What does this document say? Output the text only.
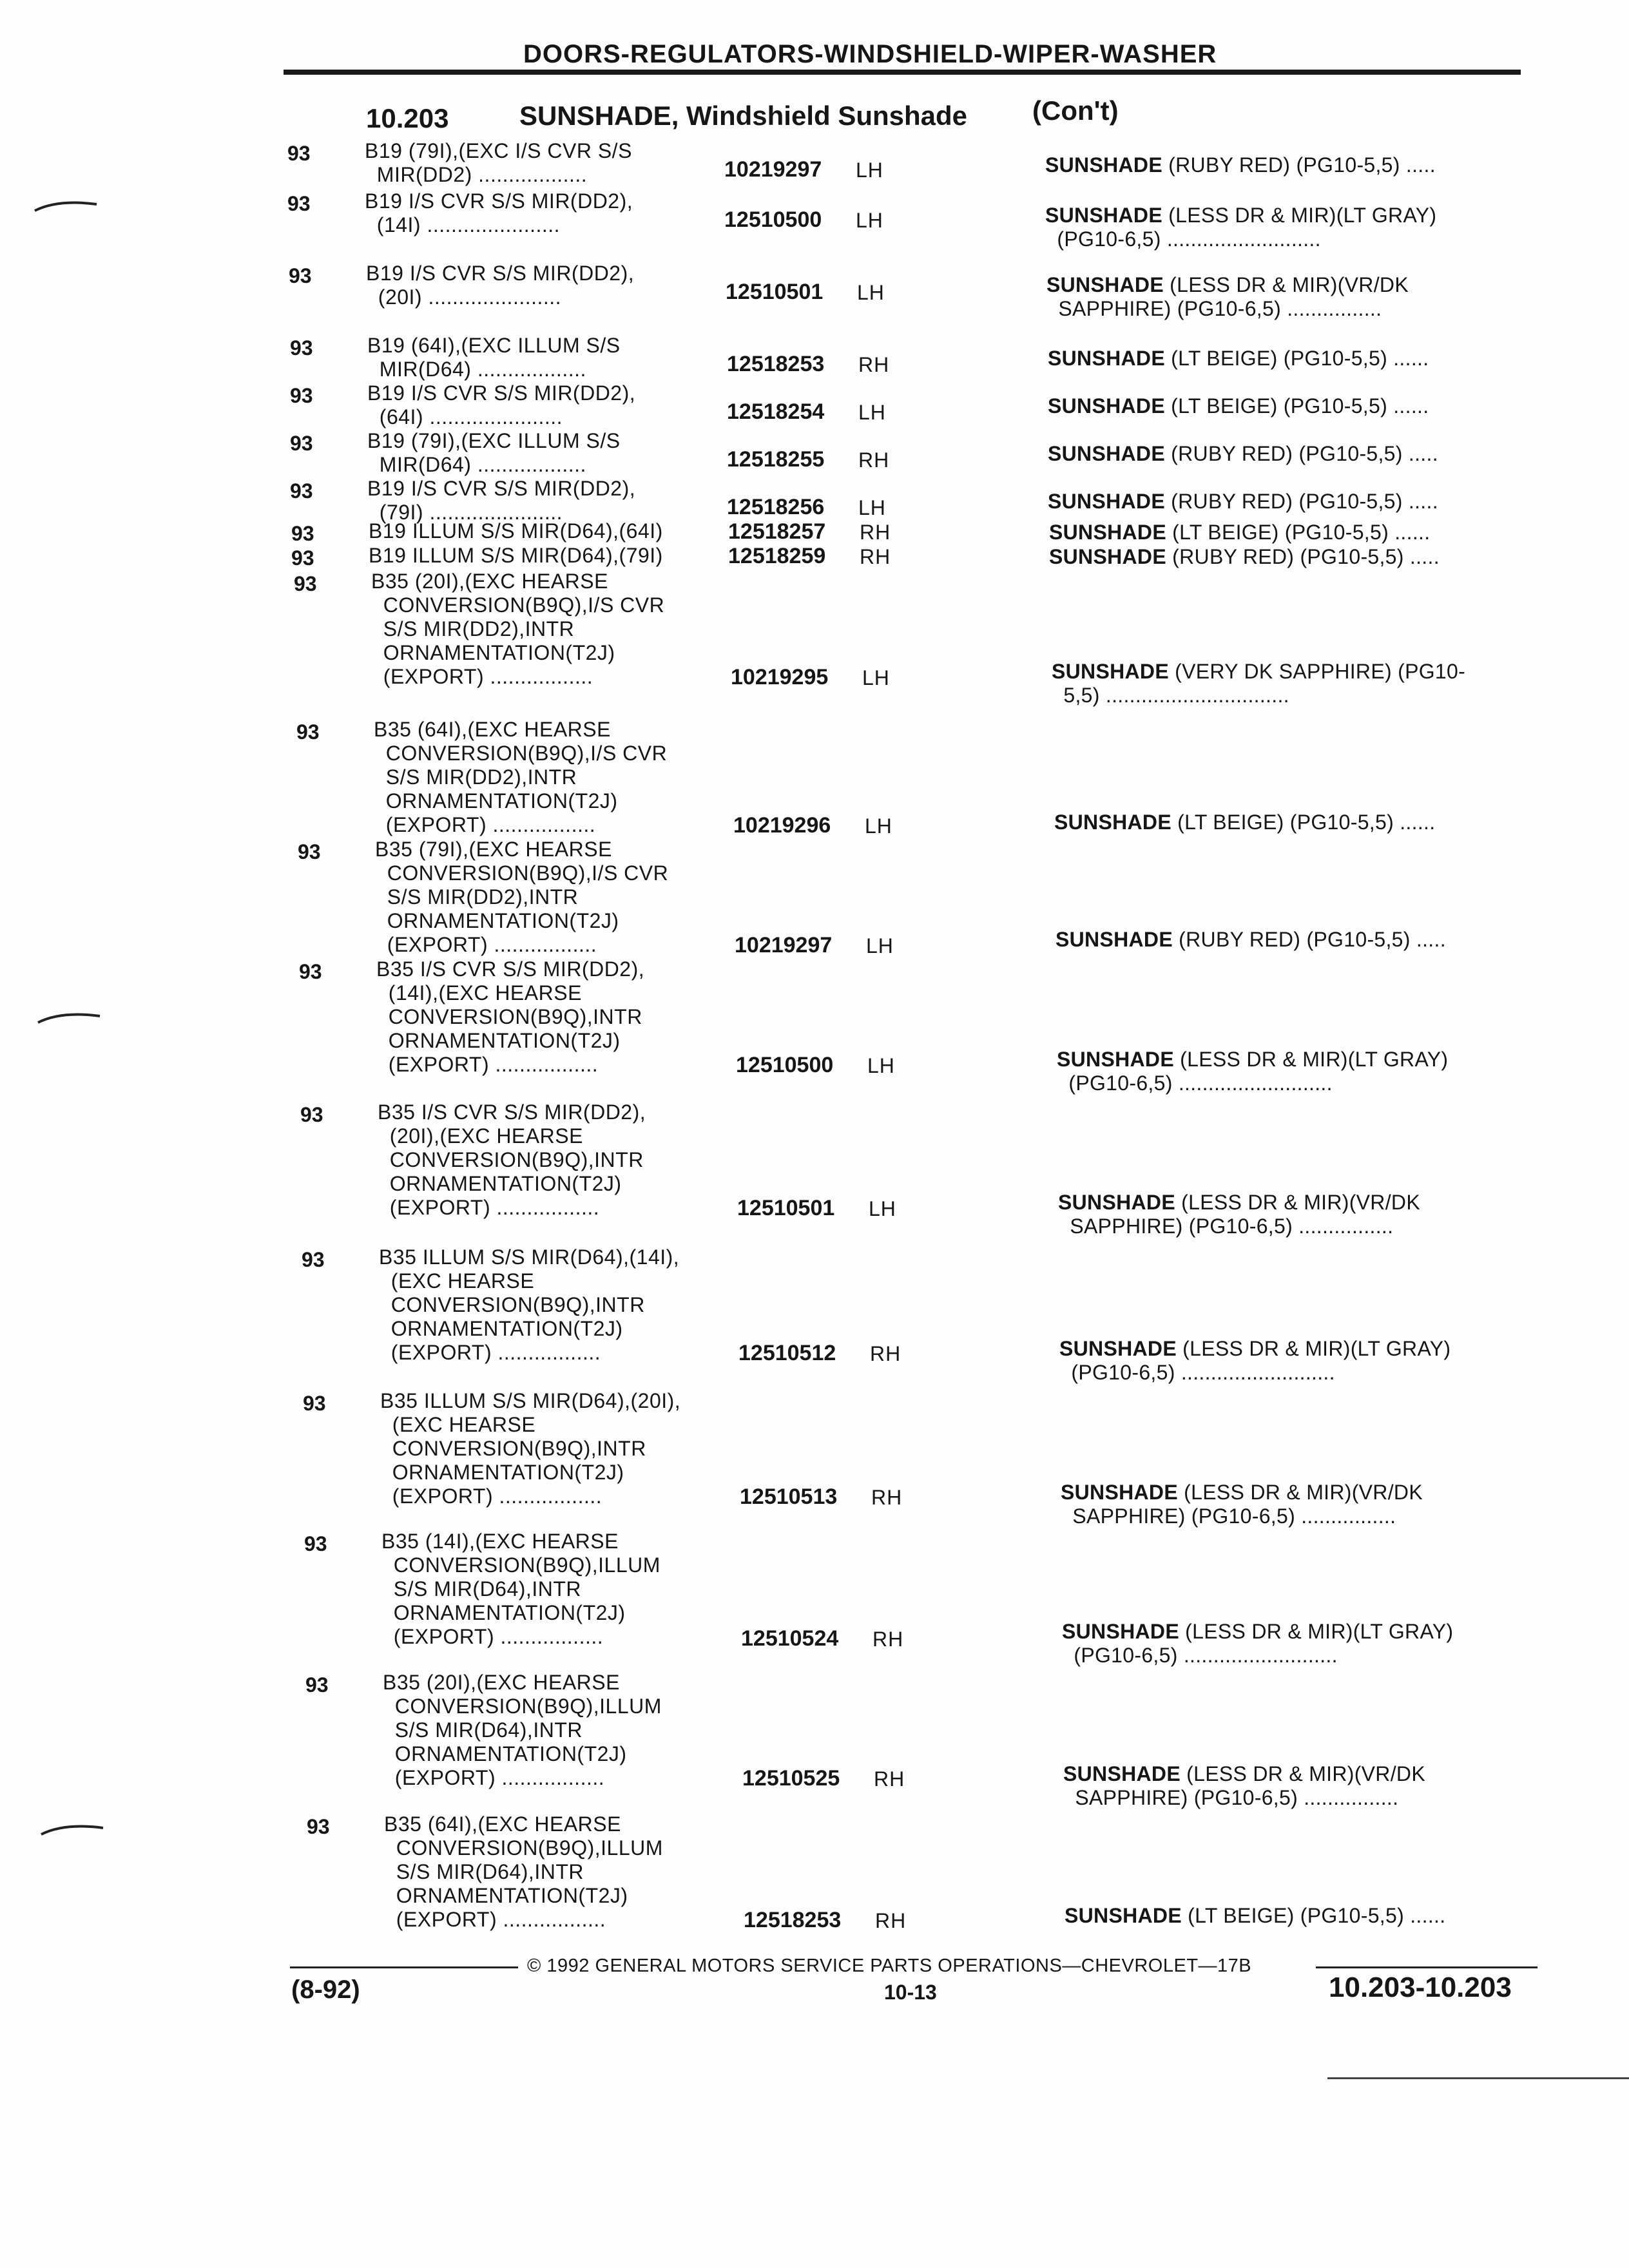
DOORS-REGULATORS-WINDSHIELD-WIPER-WASHER
10.203	SUNSHADE, Windshield Sunshade (Con't)
93	B19 (79I),(EXC I/S CVR S/S
MIR(DD2) ..................	10219297 LH	SUNSHADE (RUBY RED) (PG10-5,5) .....
93	B19 I/S CVR S/S MIR(DD2),
(14I) ......................	12510500 LH	SUNSHADE (LESS DR & MIR)(LT GRAY)
(PG10-6,5) ..........................
93	B19 I/S CVR S/S MIR(DD2),
(20I) ......................	12510501 LH	SUNSHADE (LESS DR & MIR)(VR/DK
SAPPHIRE) (PG10-6,5) ................
93	B19 (64I),(EXC ILLUM S/S
MIR(D64) ..................	12518253 RH	SUNSHADE (LT BEIGE) (PG10-5,5) ......
93	B19 I/S CVR S/S MIR(DD2),
(64I) ......................	12518254 LH	SUNSHADE (LT BEIGE) (PG10-5,5) ......
93	B19 (79I),(EXC ILLUM S/S
MIR(D64) ..................	12518255 RH	SUNSHADE (RUBY RED) (PG10-5,5) .....
93	B19 I/S CVR S/S MIR(DD2),
(79I) ......................	12518256 LH	SUNSHADE (RUBY RED) (PG10-5,5) .....
93	B19 ILLUM S/S MIR(D64),(64I)	12518257 RH	SUNSHADE (LT BEIGE) (PG10-5,5) ......
93	B19 ILLUM S/S MIR(D64),(79I)	12518259 RH	SUNSHADE (RUBY RED) (PG10-5,5) .....
93	B35 (20I),(EXC HEARSE
CONVERSION(B9Q),I/S CVR
S/S MIR(DD2),INTR
ORNAMENTATION(T2J)
(EXPORT) .................	10219295 LH	SUNSHADE (VERY DK SAPPHIRE) (PG10-
5,5) ...............................
93	B35 (64I),(EXC HEARSE
CONVERSION(B9Q),I/S CVR
S/S MIR(DD2),INTR
ORNAMENTATION(T2J)
(EXPORT) .................	10219296 LH	SUNSHADE (LT BEIGE) (PG10-5,5) ......
93	B35 (79I),(EXC HEARSE
CONVERSION(B9Q),I/S CVR
S/S MIR(DD2),INTR
ORNAMENTATION(T2J)
(EXPORT) .................	10219297 LH	SUNSHADE (RUBY RED) (PG10-5,5) .....
93	B35 I/S CVR S/S MIR(DD2),
(14I),(EXC HEARSE
CONVERSION(B9Q),INTR
ORNAMENTATION(T2J)
(EXPORT) .................	12510500 LH	SUNSHADE (LESS DR & MIR)(LT GRAY)
(PG10-6,5) ..........................
93	B35 I/S CVR S/S MIR(DD2),
(20I),(EXC HEARSE
CONVERSION(B9Q),INTR
ORNAMENTATION(T2J)
(EXPORT) .................	12510501 LH	SUNSHADE (LESS DR & MIR)(VR/DK
SAPPHIRE) (PG10-6,5) ................
93	B35 ILLUM S/S MIR(D64),(14I),
(EXC HEARSE
CONVERSION(B9Q),INTR
ORNAMENTATION(T2J)
(EXPORT) .................	12510512 RH	SUNSHADE (LESS DR & MIR)(LT GRAY)
(PG10-6,5) ..........................
93	B35 ILLUM S/S MIR(D64),(20I),
(EXC HEARSE
CONVERSION(B9Q),INTR
ORNAMENTATION(T2J)
(EXPORT) .................	12510513 RH	SUNSHADE (LESS DR & MIR)(VR/DK
SAPPHIRE) (PG10-6,5) ................
93	B35 (14I),(EXC HEARSE
CONVERSION(B9Q),ILLUM
S/S MIR(D64),INTR
ORNAMENTATION(T2J)
(EXPORT) .................	12510524 RH	SUNSHADE (LESS DR & MIR)(LT GRAY)
(PG10-6,5) ..........................
93	B35 (20I),(EXC HEARSE
CONVERSION(B9Q),ILLUM
S/S MIR(D64),INTR
ORNAMENTATION(T2J)
(EXPORT) .................	12510525 RH	SUNSHADE (LESS DR & MIR)(VR/DK
SAPPHIRE) (PG10-6,5) ................
93	B35 (64I),(EXC HEARSE
CONVERSION(B9Q),ILLUM
S/S MIR(D64),INTR
ORNAMENTATION(T2J)
(EXPORT) .................	12518253 RH	SUNSHADE (LT BEIGE) (PG10-5,5) ......
© 1992 GENERAL MOTORS SERVICE PARTS OPERATIONS—CHEVROLET—17B
(8-92)	10-13	10.203-10.203
